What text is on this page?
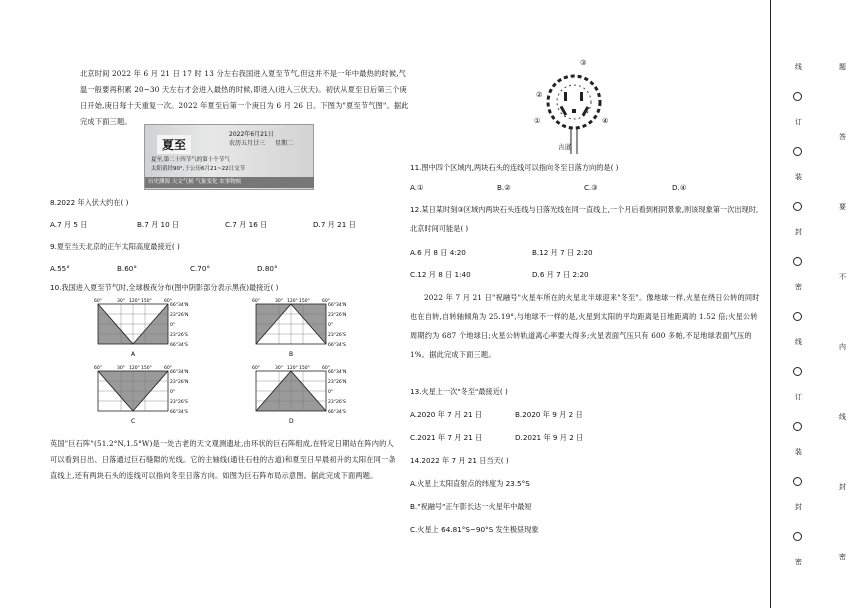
北京时间 2022 年 6 月 21 日 17 时 13 分左右我国进入夏至节气,但这并不是一年中最热的时候,气温一般要再积累 20~30 天左右才会进入最热的时候,即进入(进入三伏天)。初伏从夏至日后第三个庚日开始,庚日每十天重复一次。2022 年夏至后第一个庚日为 6 月 26 日。下图为"夏至节气图"。据此完成下面三题。
夏至
2022年6月21日
农历五月廿三 星期二
夏至,第二十四节气的第十个节气
太阳黄经90°,于公历6月21~22日交节
历史渊源 天文气候 气象变化 农事物候
8.2022 年入伏大约在( )
A.7 月 5 日	B.7 月 10 日	C.7 月 16 日	D.7 月 21 日
9.夏至当天北京的正午太阳高度最接近( )
A.55°	B.60°	C.70°	D.80°
10.我国进入夏至节气时,全球极夜分布(图中阴影部分表示黑夜)最接近( )
60°	30° 120° 150°	60°
66°34'N
23°26'N
0°
23°26'S
66°34'S
A
60°	30° 120° 150°	60°
66°34'N
23°26'N
0°
23°26'S
66°34'S
B
60°	30° 120° 150°	60°
66°34'N
23°26'N
0°
23°26'S
66°34'S
C
60°	30° 120° 150°	60°
66°34'N
23°26'N
0°
23°26'S
66°34'S
D
英国"巨石阵"(51.2°N,1.5°W)是一处古老的天文观测遗址,由环状的巨石阵组成,在特定日期站在阵内的人可以看到日出、日落通过巨石缝隙的光线。它的主轴线(通往石柱的古道)和夏至日早晨初升的太阳在同一条直线上,还有两块石头的连线可以指向冬至日落方向。如图为巨石阵布局示意图。据此完成下面两题。
③
②
④
①
古道
11.图中四个区域内,两块石头的连线可以指向冬至日落方向的是( )
A.①	B.②	C.③	D.④
12.某日某时刻③区域内两块石头连线与日落光线在同一直线上,一个月后看到相同景象,则该现象第一次出现时,北京时间可能是( )
A.6 月 8 日 4:20	B.12 月 7 日 2:20
C.12 月 8 日 1:40	D.6 月 7 日 2:20
2022 年 7 月 21 日"祝融号"火星车所在的火星北半球迎来"冬至"。像地球一样,火星在绕日公转的同时也在自转,自转轴倾角为 25.19°,与地球不一样的是,火星到太阳的平均距离是日地距离的 1.52 倍;火星公转周期约为 687 个地球日;火星公转轨道离心率要大得多;火星表面气压只有 600 多帕,不足地球表面气压的 1%。据此完成下面三题。
13.火星上一次"冬至"最接近( )
A.2020 年 7 月 21 日	B.2020 年 9 月 2 日
C.2021 年 7 月 21 日	D.2021 年 9 月 2 日
14.2022 年 7 月 21 日当天( )
A.火星上太阳直射点的纬度为 23.5°S
B."祝融号"正午影长达一火星年中最短
C.火星上 64.81°S~90°S 发生极昼现象
线
订
装
封
密
线
订
装
封
密
题
答
要
不
内
线
封
密
